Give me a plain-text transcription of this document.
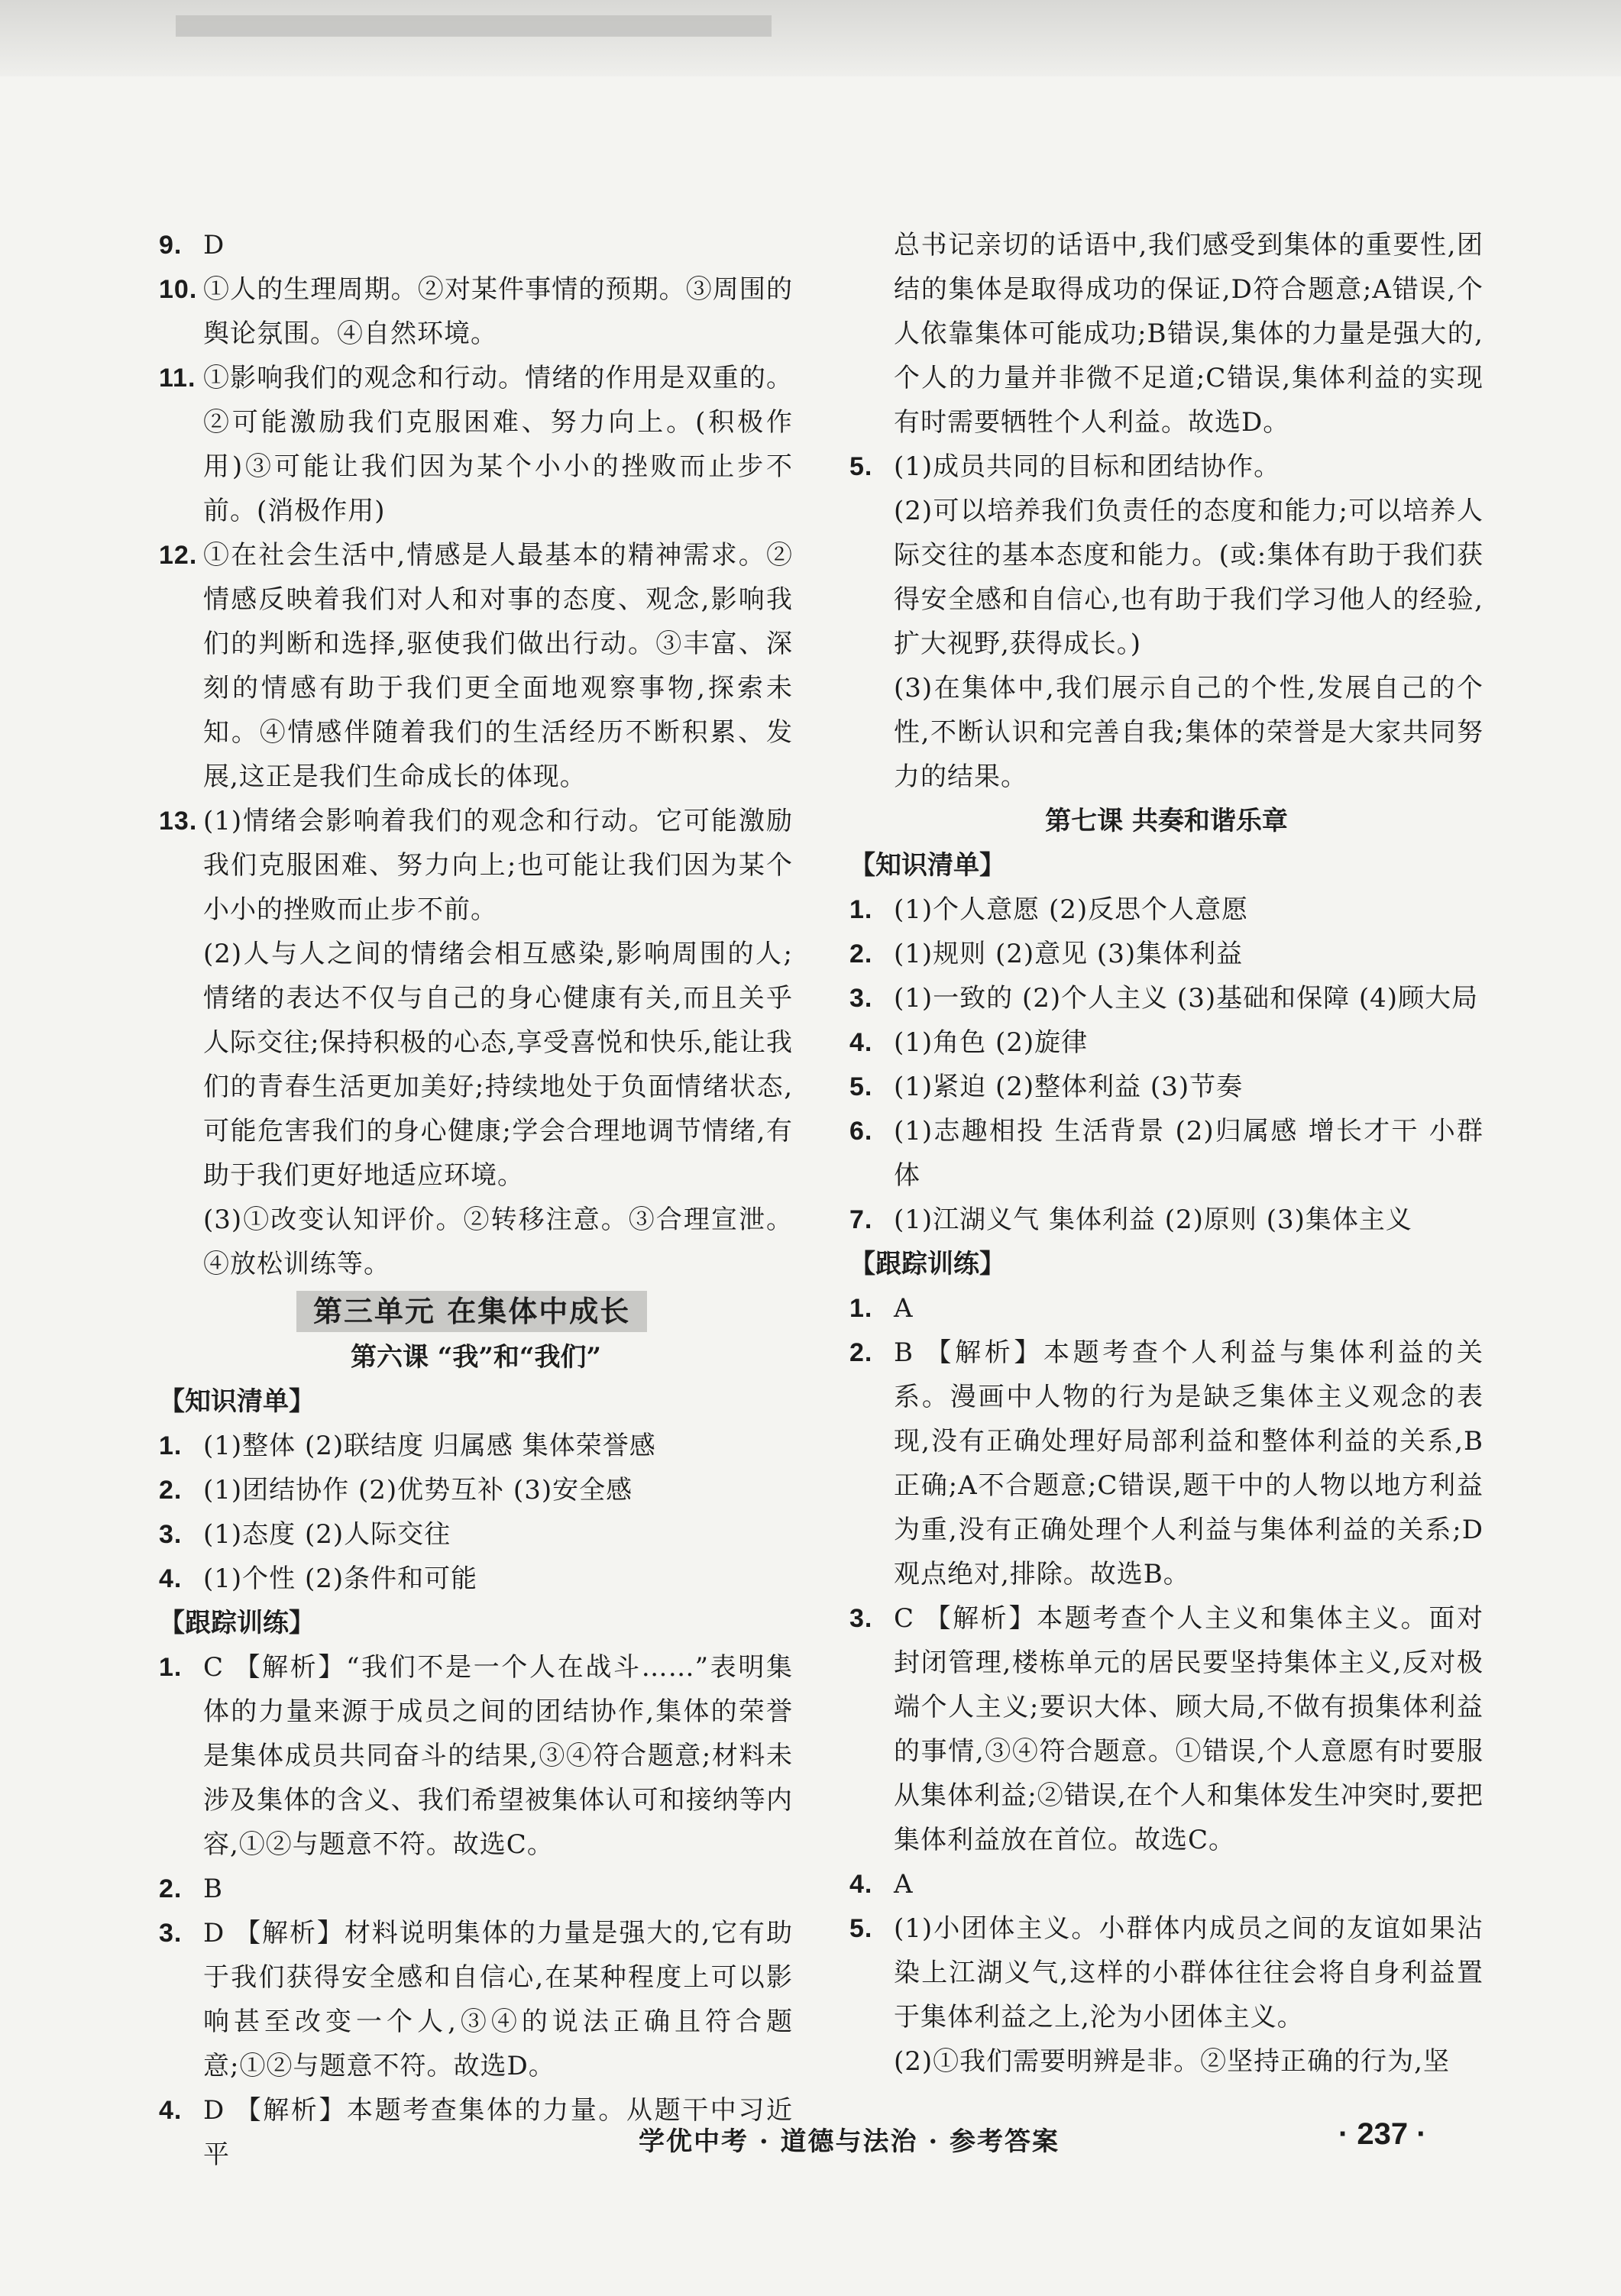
9. D

10. ①人的生理周期。②对某件事情的预期。③周围的舆论氛围。④自然环境。

11. ①影响我们的观念和行动。情绪的作用是双重的。②可能激励我们克服困难、努力向上。(积极作用)③可能让我们因为某个小小的挫败而止步不前。(消极作用)

12. ①在社会生活中,情感是人最基本的精神需求。②情感反映着我们对人和对事的态度、观念,影响我们的判断和选择,驱使我们做出行动。③丰富、深刻的情感有助于我们更全面地观察事物,探索未知。④情感伴随着我们的生活经历不断积累、发展,这正是我们生命成长的体现。

13. (1)情绪会影响着我们的观念和行动。它可能激励我们克服困难、努力向上;也可能让我们因为某个小小的挫败而止步不前。

(2)人与人之间的情绪会相互感染,影响周围的人;情绪的表达不仅与自己的身心健康有关,而且关乎人际交往;保持积极的心态,享受喜悦和快乐,能让我们的青春生活更加美好;持续地处于负面情绪状态,可能危害我们的身心健康;学会合理地调节情绪,有助于我们更好地适应环境。

(3)①改变认知评价。②转移注意。③合理宣泄。④放松训练等。

第三单元 在集体中成长

第六课 “我”和“我们”

【知识清单】

1. (1)整体 (2)联结度 归属感 集体荣誉感

2. (1)团结协作 (2)优势互补 (3)安全感

3. (1)态度 (2)人际交往

4. (1)个性 (2)条件和可能

【跟踪训练】

1. C 【解析】“我们不是一个人在战斗……”表明集体的力量来源于成员之间的团结协作,集体的荣誉是集体成员共同奋斗的结果,③④符合题意;材料未涉及集体的含义、我们希望被集体认可和接纳等内容,①②与题意不符。故选C。

2. B

3. D 【解析】材料说明集体的力量是强大的,它有助于我们获得安全感和自信心,在某种程度上可以影响甚至改变一个人,③④的说法正确且符合题意;①②与题意不符。故选D。

4. D 【解析】本题考查集体的力量。从题干中习近平

总书记亲切的话语中,我们感受到集体的重要性,团结的集体是取得成功的保证,D符合题意;A错误,个人依靠集体可能成功;B错误,集体的力量是强大的,个人的力量并非微不足道;C错误,集体利益的实现有时需要牺牲个人利益。故选D。

5. (1)成员共同的目标和团结协作。

(2)可以培养我们负责任的态度和能力;可以培养人际交往的基本态度和能力。(或:集体有助于我们获得安全感和自信心,也有助于我们学习他人的经验,扩大视野,获得成长。)

(3)在集体中,我们展示自己的个性,发展自己的个性,不断认识和完善自我;集体的荣誉是大家共同努力的结果。

第七课 共奏和谐乐章

【知识清单】

1. (1)个人意愿 (2)反思个人意愿

2. (1)规则 (2)意见 (3)集体利益

3. (1)一致的 (2)个人主义 (3)基础和保障 (4)顾大局

4. (1)角色 (2)旋律

5. (1)紧迫 (2)整体利益 (3)节奏

6. (1)志趣相投 生活背景 (2)归属感 增长才干 小群体

7. (1)江湖义气 集体利益 (2)原则 (3)集体主义

【跟踪训练】

1. A

2. B 【解析】本题考查个人利益与集体利益的关系。漫画中人物的行为是缺乏集体主义观念的表现,没有正确处理好局部利益和整体利益的关系,B正确;A不合题意;C错误,题干中的人物以地方利益为重,没有正确处理个人利益与集体利益的关系;D观点绝对,排除。故选B。

3. C 【解析】本题考查个人主义和集体主义。面对封闭管理,楼栋单元的居民要坚持集体主义,反对极端个人主义;要识大体、顾大局,不做有损集体利益的事情,③④符合题意。①错误,个人意愿有时要服从集体利益;②错误,在个人和集体发生冲突时,要把集体利益放在首位。故选C。

4. A

5. (1)小团体主义。小群体内成员之间的友谊如果沾染上江湖义气,这样的小群体往往会将自身利益置于集体利益之上,沦为小团体主义。

(2)①我们需要明辨是非。②坚持正确的行为,坚

学优中考 · 道德与法治 · 参考答案	· 237 ·
